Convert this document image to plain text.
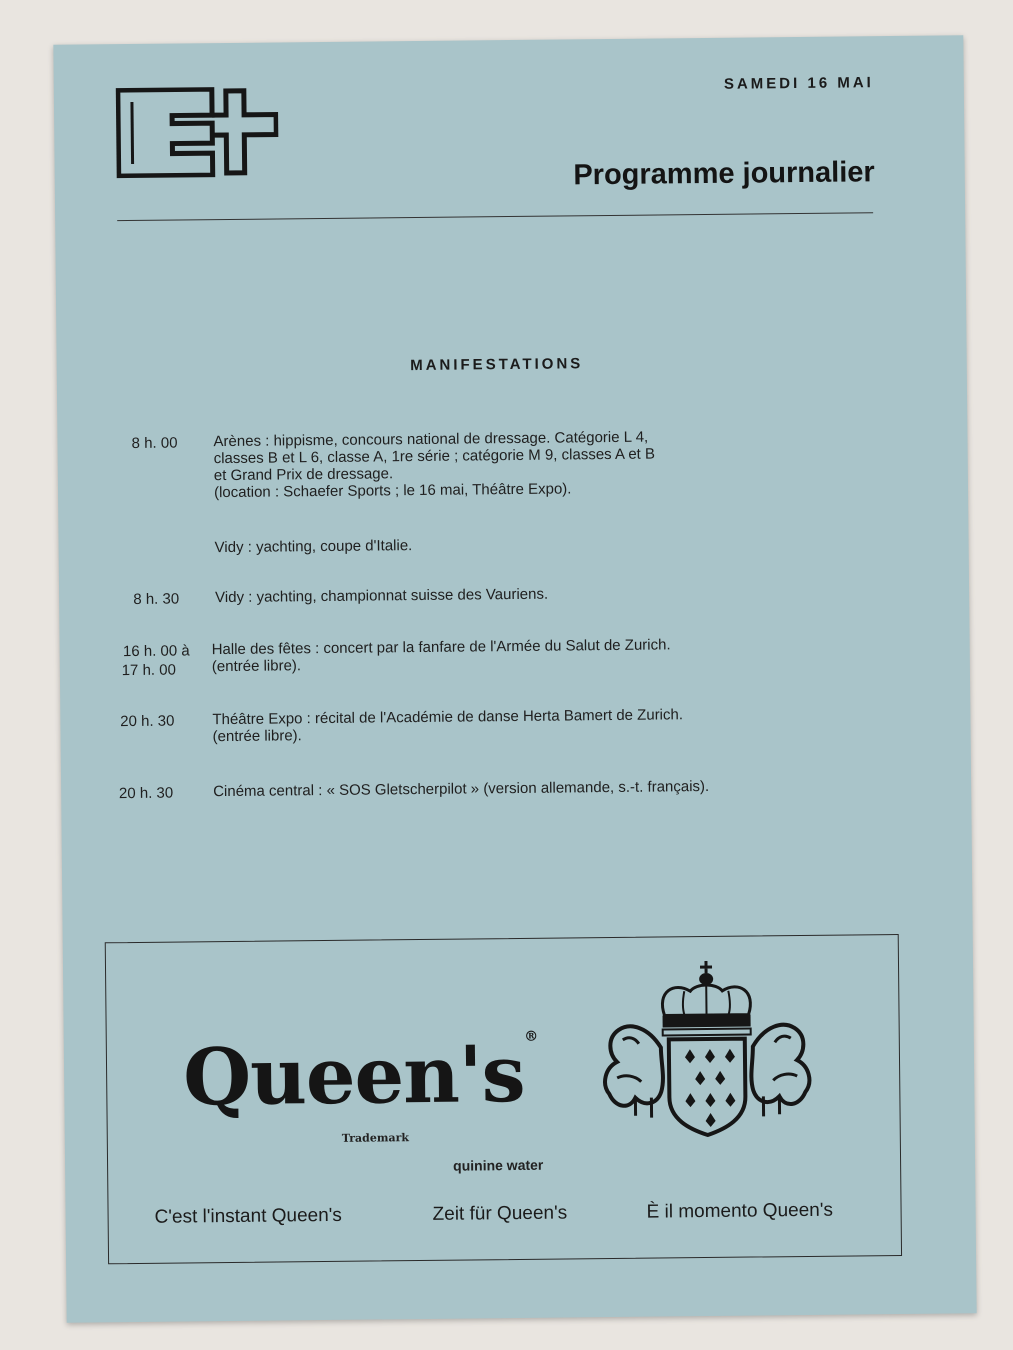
SAMEDI 16 MAI
Programme journalier
MANIFESTATIONS
8 h. 00 Arènes : hippisme, concours national de dressage. Catégorie L 4,
classes B et L 6, classe A, 1re série ; catégorie M 9, classes A et B
et Grand Prix de dressage.
(location : Schaefer Sports ; le 16 mai, Théâtre Expo).
Vidy : yachting, coupe d'Italie.
8 h. 30 Vidy : yachting, championnat suisse des Vauriens.
16 h. 00 à
17 h. 00
Halle des fêtes : concert par la fanfare de l'Armée du Salut de Zurich.
(entrée libre).
20 h. 30	Théâtre Expo : récital de l'Académie de danse Herta Bamert de Zurich.
(entrée libre).
20 h. 30	Cinéma central : « SOS Gletscherpilot » (version allemande, s.-t. français).
Queen's®
Trademark
quinine water
C'est l'instant Queen's	Zeit für Queen's	È il momento Queen's
